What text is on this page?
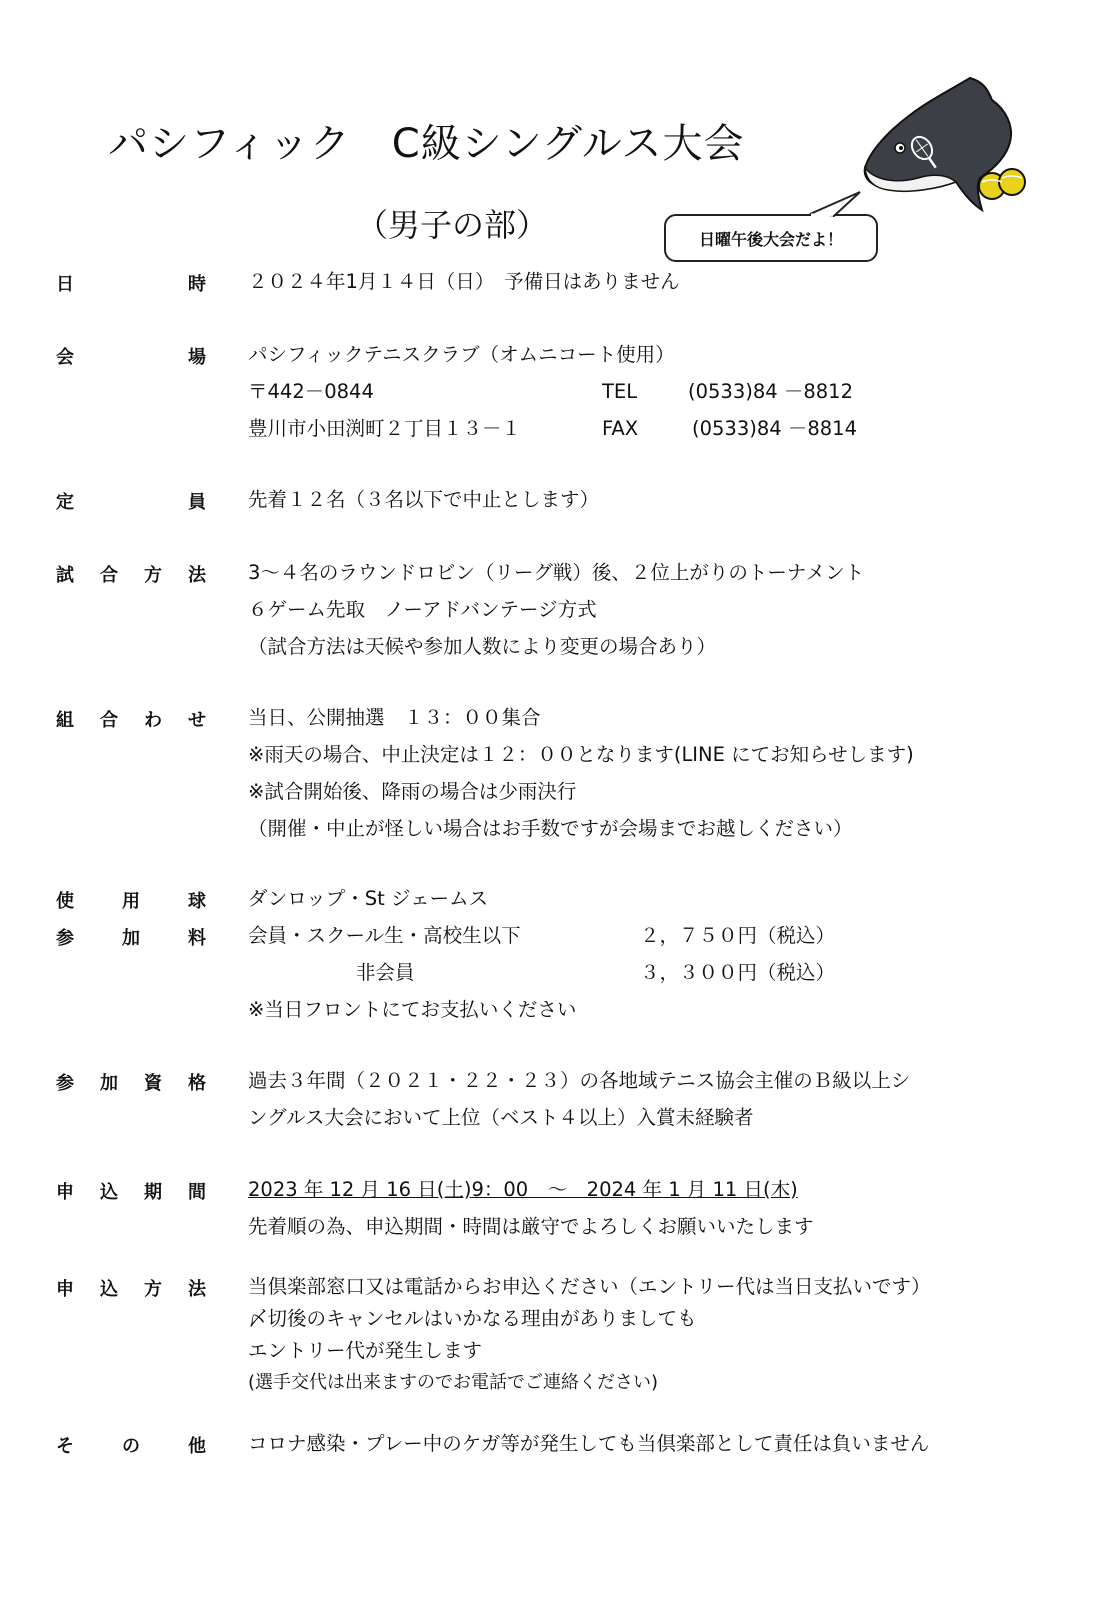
パシフィック　C級シングルス大会
（男子の部）	日曜午後大会だよ！
日	時 ２０２４年1月１４日（日）　予備日はありません
会	場 パシフィックテニスクラブ（オムニコート使用）
〒442－0844	TEL	(0533)84 －8812
豊川市小田渕町２丁目１３－１	FAX	(0533)84 －8814
定	員 先着１２名（３名以下で中止とします）
試 合 方 法 3～４名のラウンドロビン（リーグ戦）後、２位上がりのトーナメント
６ゲーム先取　ノーアドバンテージ方式
（試合方法は天候や参加人数により変更の場合あり）
組 合 わ せ 当日、公開抽選　１３：００集合
※雨天の場合、中止決定は１２：００となります(LINE にてお知らせします)
※試合開始後、降雨の場合は少雨決行
（開催・中止が怪しい場合はお手数ですが会場までお越しください）
使	用	球 ダンロップ・St ジェームス
参	加	料 会員・スクール生・高校生以下	２，７５０円（税込）
非会員	３，３００円（税込）
※当日フロントにてお支払いください
参 加 資 格 過去３年間（２０２１・２２・２３）の各地域テニス協会主催のＢ級以上シ
ングルス大会において上位（ベスト４以上）入賞未経験者
申 込 期 間 2023 年 12 月 16 日(土)9：00　～　2024 年 1 月 11 日(木)
先着順の為、申込期間・時間は厳守でよろしくお願いいたします
申 込 方 法 当倶楽部窓口又は電話からお申込ください（エントリー代は当日支払いです）
〆切後のキャンセルはいかなる理由がありましても
エントリー代が発生します
(選手交代は出来ますのでお電話でご連絡ください)
そ	の	他 コロナ感染・プレー中のケガ等が発生しても当倶楽部として責任は負いません
